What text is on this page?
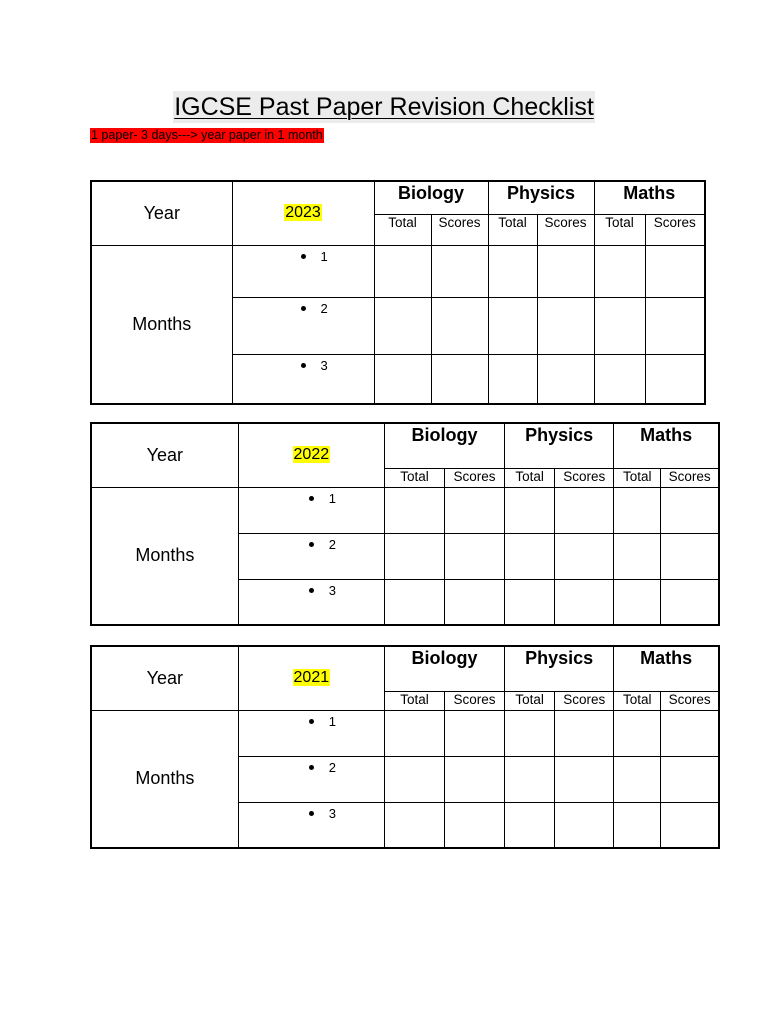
IGCSE Past Paper Revision Checklist
1 paper- 3 days---> year paper in 1 month
Year	2023	Biology		Physics		Maths	
		Total	Scores	Total	Scores	Total	Scores
Months	1						
	2						
	3						
Year	2022	Biology		Physics		Maths	
		Total	Scores	Total	Scores	Total	Scores
Months	1						
	2						
	3						
Year	2021	Biology		Physics		Maths	
		Total	Scores	Total	Scores	Total	Scores
Months	1						
	2						
	3						
